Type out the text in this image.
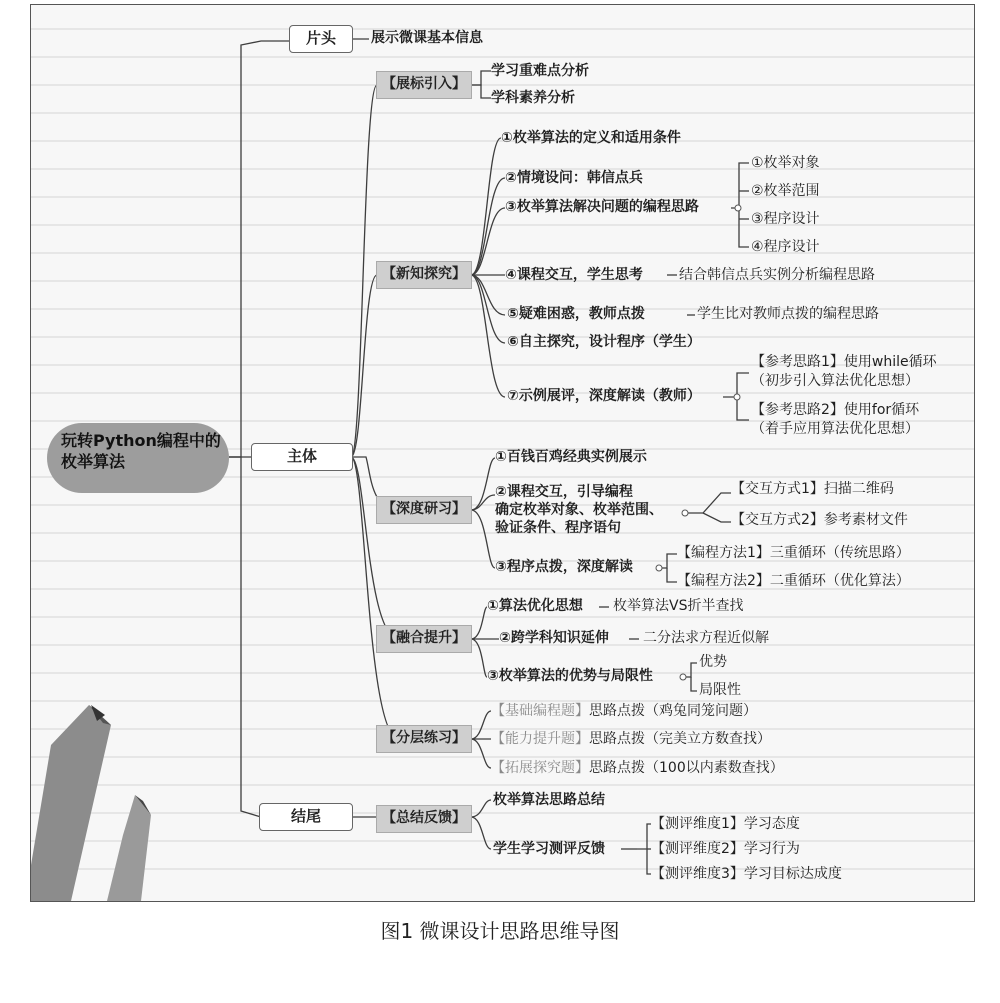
玩转Python编程中的
枚举算法
片头	展示微课基本信息
主体
结尾
【展标引入】
【新知探究】
【深度研习】
【融合提升】
【分层练习】
【总结反馈】
学习重难点分析
学科素养分析
①枚举算法的定义和适用条件
②情境设问：韩信点兵
③枚举算法解决问题的编程思路
④课程交互，学生思考
⑤疑难困惑，教师点拨
⑥自主探究，设计程序（学生）
⑦示例展评，深度解读（教师）
①枚举对象
②枚举范围
③程序设计
④程序设计
结合韩信点兵实例分析编程思路
学生比对教师点拨的编程思路
【参考思路1】使用while循环
（初步引入算法优化思想）
【参考思路2】使用for循环
（着手应用算法优化思想）
①百钱百鸡经典实例展示
②课程交互，引导编程
确定枚举对象、枚举范围、
验证条件、程序语句
③程序点拨，深度解读
【交互方式1】扫描二维码
【交互方式2】参考素材文件
【编程方法1】三重循环（传统思路）
【编程方法2】二重循环（优化算法）
①算法优化思想
②跨学科知识延伸
③枚举算法的优势与局限性
枚举算法VS折半查找
二分法求方程近似解
优势
局限性
【基础编程题】思路点拨（鸡兔同笼问题）
【能力提升题】思路点拨（完美立方数查找）
【拓展探究题】思路点拨（100以内素数查找）
枚举算法思路总结
学生学习测评反馈
【测评维度1】学习态度
【测评维度2】学习行为
【测评维度3】学习目标达成度
图1 微课设计思路思维导图
